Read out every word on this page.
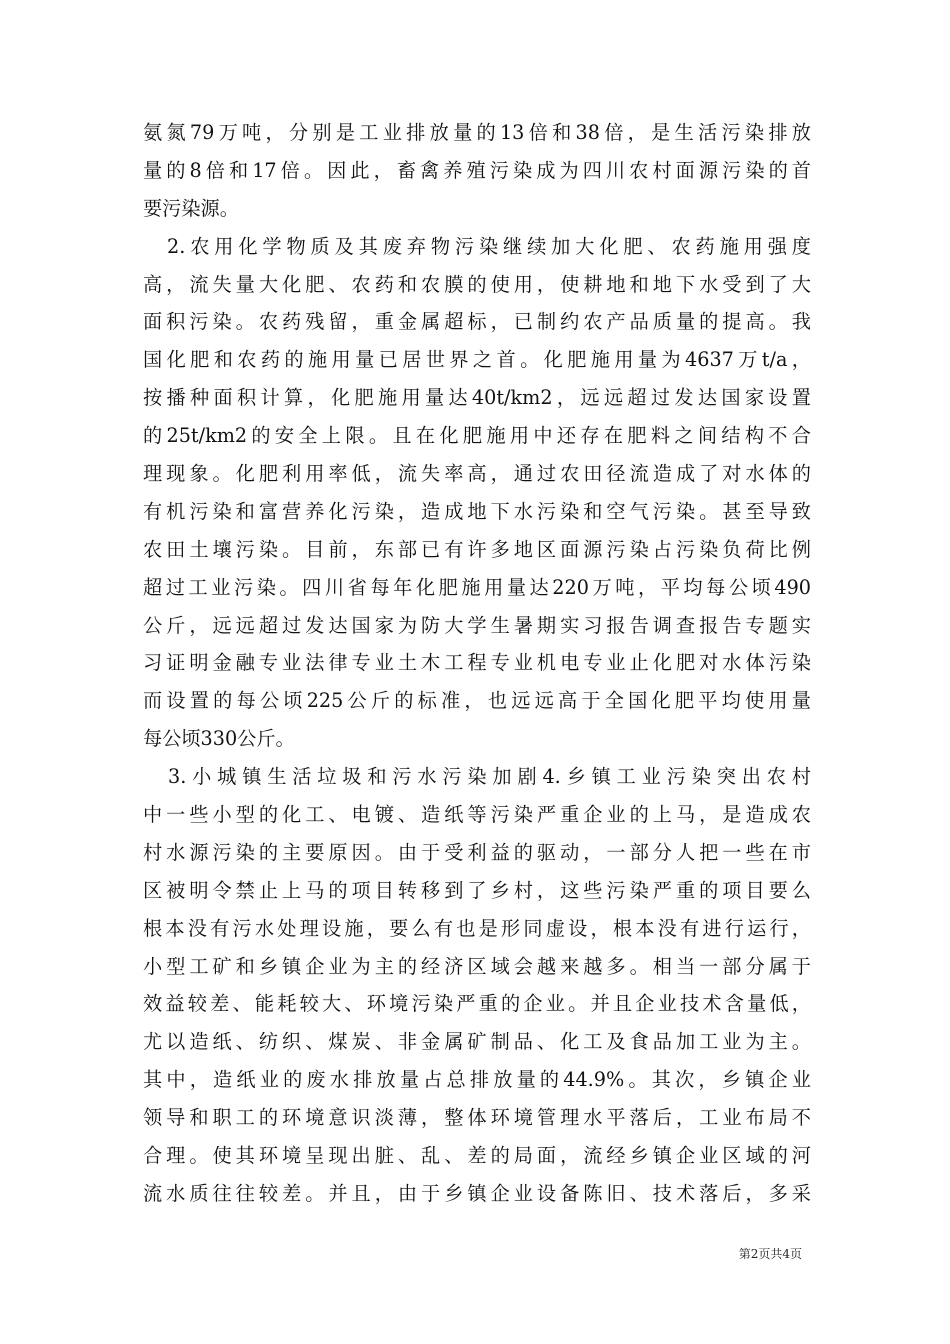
氨氮79万吨，分别是工业排放量的13倍和38倍，是生活污染排放
量的8倍和17倍。因此，畜禽养殖污染成为四川农村面源污染的首
要污染源。
　2.农用化学物质及其废弃物污染继续加大化肥、农药施用强度
高，流失量大化肥、农药和农膜的使用，使耕地和地下水受到了大
面积污染。农药残留，重金属超标，已制约农产品质量的提高。我
国化肥和农药的施用量已居世界之首。化肥施用量为4637万t/a，
按播种面积计算，化肥施用量达40t/km2，远远超过发达国家设置
的25t/km2的安全上限。且在化肥施用中还存在肥料之间结构不合
理现象。化肥利用率低，流失率高，通过农田径流造成了对水体的
有机污染和富营养化污染，造成地下水污染和空气污染。甚至导致
农田土壤污染。目前，东部已有许多地区面源污染占污染负荷比例
超过工业污染。四川省每年化肥施用量达220万吨，平均每公顷490
公斤，远远超过发达国家为防大学生暑期实习报告调查报告专题实
习证明金融专业法律专业土木工程专业机电专业止化肥对水体污染
而设置的每公顷225公斤的标准，也远远高于全国化肥平均使用量
每公顷330公斤。
　3.小城镇生活垃圾和污水污染加剧4.乡镇工业污染突出农村
中一些小型的化工、电镀、造纸等污染严重企业的上马，是造成农
村水源污染的主要原因。由于受利益的驱动，一部分人把一些在市
区被明令禁止上马的项目转移到了乡村，这些污染严重的项目要么
根本没有污水处理设施，要么有也是形同虚设，根本没有进行运行，
小型工矿和乡镇企业为主的经济区域会越来越多。相当一部分属于
效益较差、能耗较大、环境污染严重的企业。并且企业技术含量低，
尤以造纸、纺织、煤炭、非金属矿制品、化工及食品加工业为主。
其中，造纸业的废水排放量占总排放量的44.9%。其次，乡镇企业
领导和职工的环境意识淡薄，整体环境管理水平落后，工业布局不
合理。使其环境呈现出脏、乱、差的局面，流经乡镇企业区域的河
流水质往往较差。并且，由于乡镇企业设备陈旧、技术落后，多采
第2页共4页
